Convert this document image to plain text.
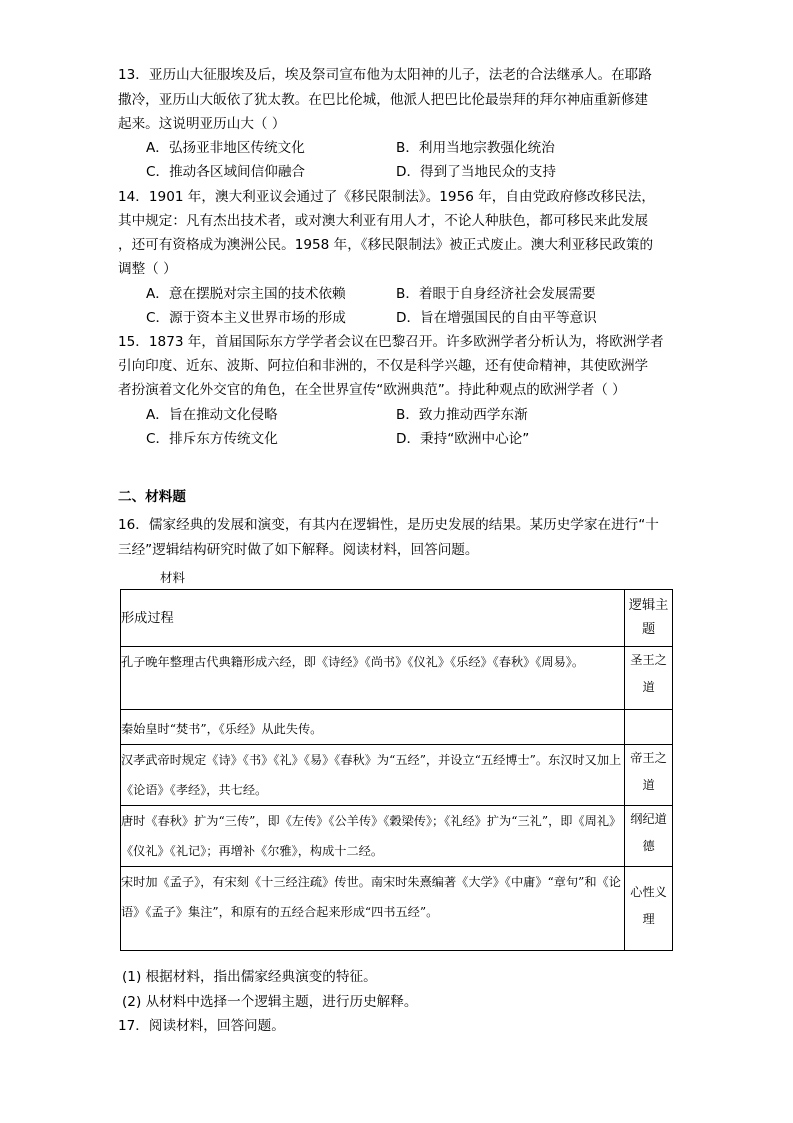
13．亚历山大征服埃及后，埃及祭司宣布他为太阳神的儿子，法老的合法继承人。在耶路
撒冷，亚历山大皈依了犹太教。在巴比伦城，他派人把巴比伦最崇拜的拜尔神庙重新修建
起来。这说明亚历山大（ ）
A．弘扬亚非地区传统文化	B．利用当地宗教强化统治
C．推动各区域间信仰融合	D．得到了当地民众的支持
14．1901 年，澳大利亚议会通过了《移民限制法》。1956 年，自由党政府修改移民法，
其中规定：凡有杰出技术者，或对澳大利亚有用人才，不论人种肤色，都可移民来此发展
，还可有资格成为澳洲公民。1958 年，《移民限制法》被正式废止。澳大利亚移民政策的
调整（ ）
A．意在摆脱对宗主国的技术依赖	B．着眼于自身经济社会发展需要
C．源于资本主义世界市场的形成	D．旨在增强国民的自由平等意识
15．1873 年，首届国际东方学学者会议在巴黎召开。许多欧洲学者分析认为，将欧洲学者
引向印度、近东、波斯、阿拉伯和非洲的，不仅是科学兴趣，还有使命精神，其使欧洲学
者扮演着文化外交官的角色，在全世界宣传“欧洲典范”。持此种观点的欧洲学者（ ）
A．旨在推动文化侵略	B．致力推动西学东渐
C．排斥东方传统文化	D．秉持“欧洲中心论”
二、材料题
16．儒家经典的发展和演变，有其内在逻辑性，是历史发展的结果。某历史学家在进行“十
三经”逻辑结构研究时做了如下解释。阅读材料，回答问题。
材料
形成过程	逻辑主题
孔子晚年整理古代典籍形成六经，即《诗经》《尚书》《仪礼》《乐经》《春秋》《周易》。	圣王之道
秦始皇时“焚书”，《乐经》从此失传。	
汉孝武帝时规定《诗》《书》《礼》《易》《春秋》为“五经”，并设立“五经博士”。东汉时又加上《论语》《孝经》，共七经。	帝王之道
唐时《春秋》扩为“三传”，即《左传》《公羊传》《穀梁传》；《礼经》扩为“三礼”，即《周礼》《仪礼》《礼记》；再增补《尔雅》，构成十二经。	纲纪道德
宋时加《孟子》，有宋刻《十三经注疏》传世。南宋时朱熹编著《大学》《中庸》“章句”和《论语》《孟子》集注”，和原有的五经合起来形成“四书五经”。	心性义理
(1) 根据材料，指出儒家经典演变的特征。
(2) 从材料中选择一个逻辑主题，进行历史解释。
17．阅读材料，回答问题。
